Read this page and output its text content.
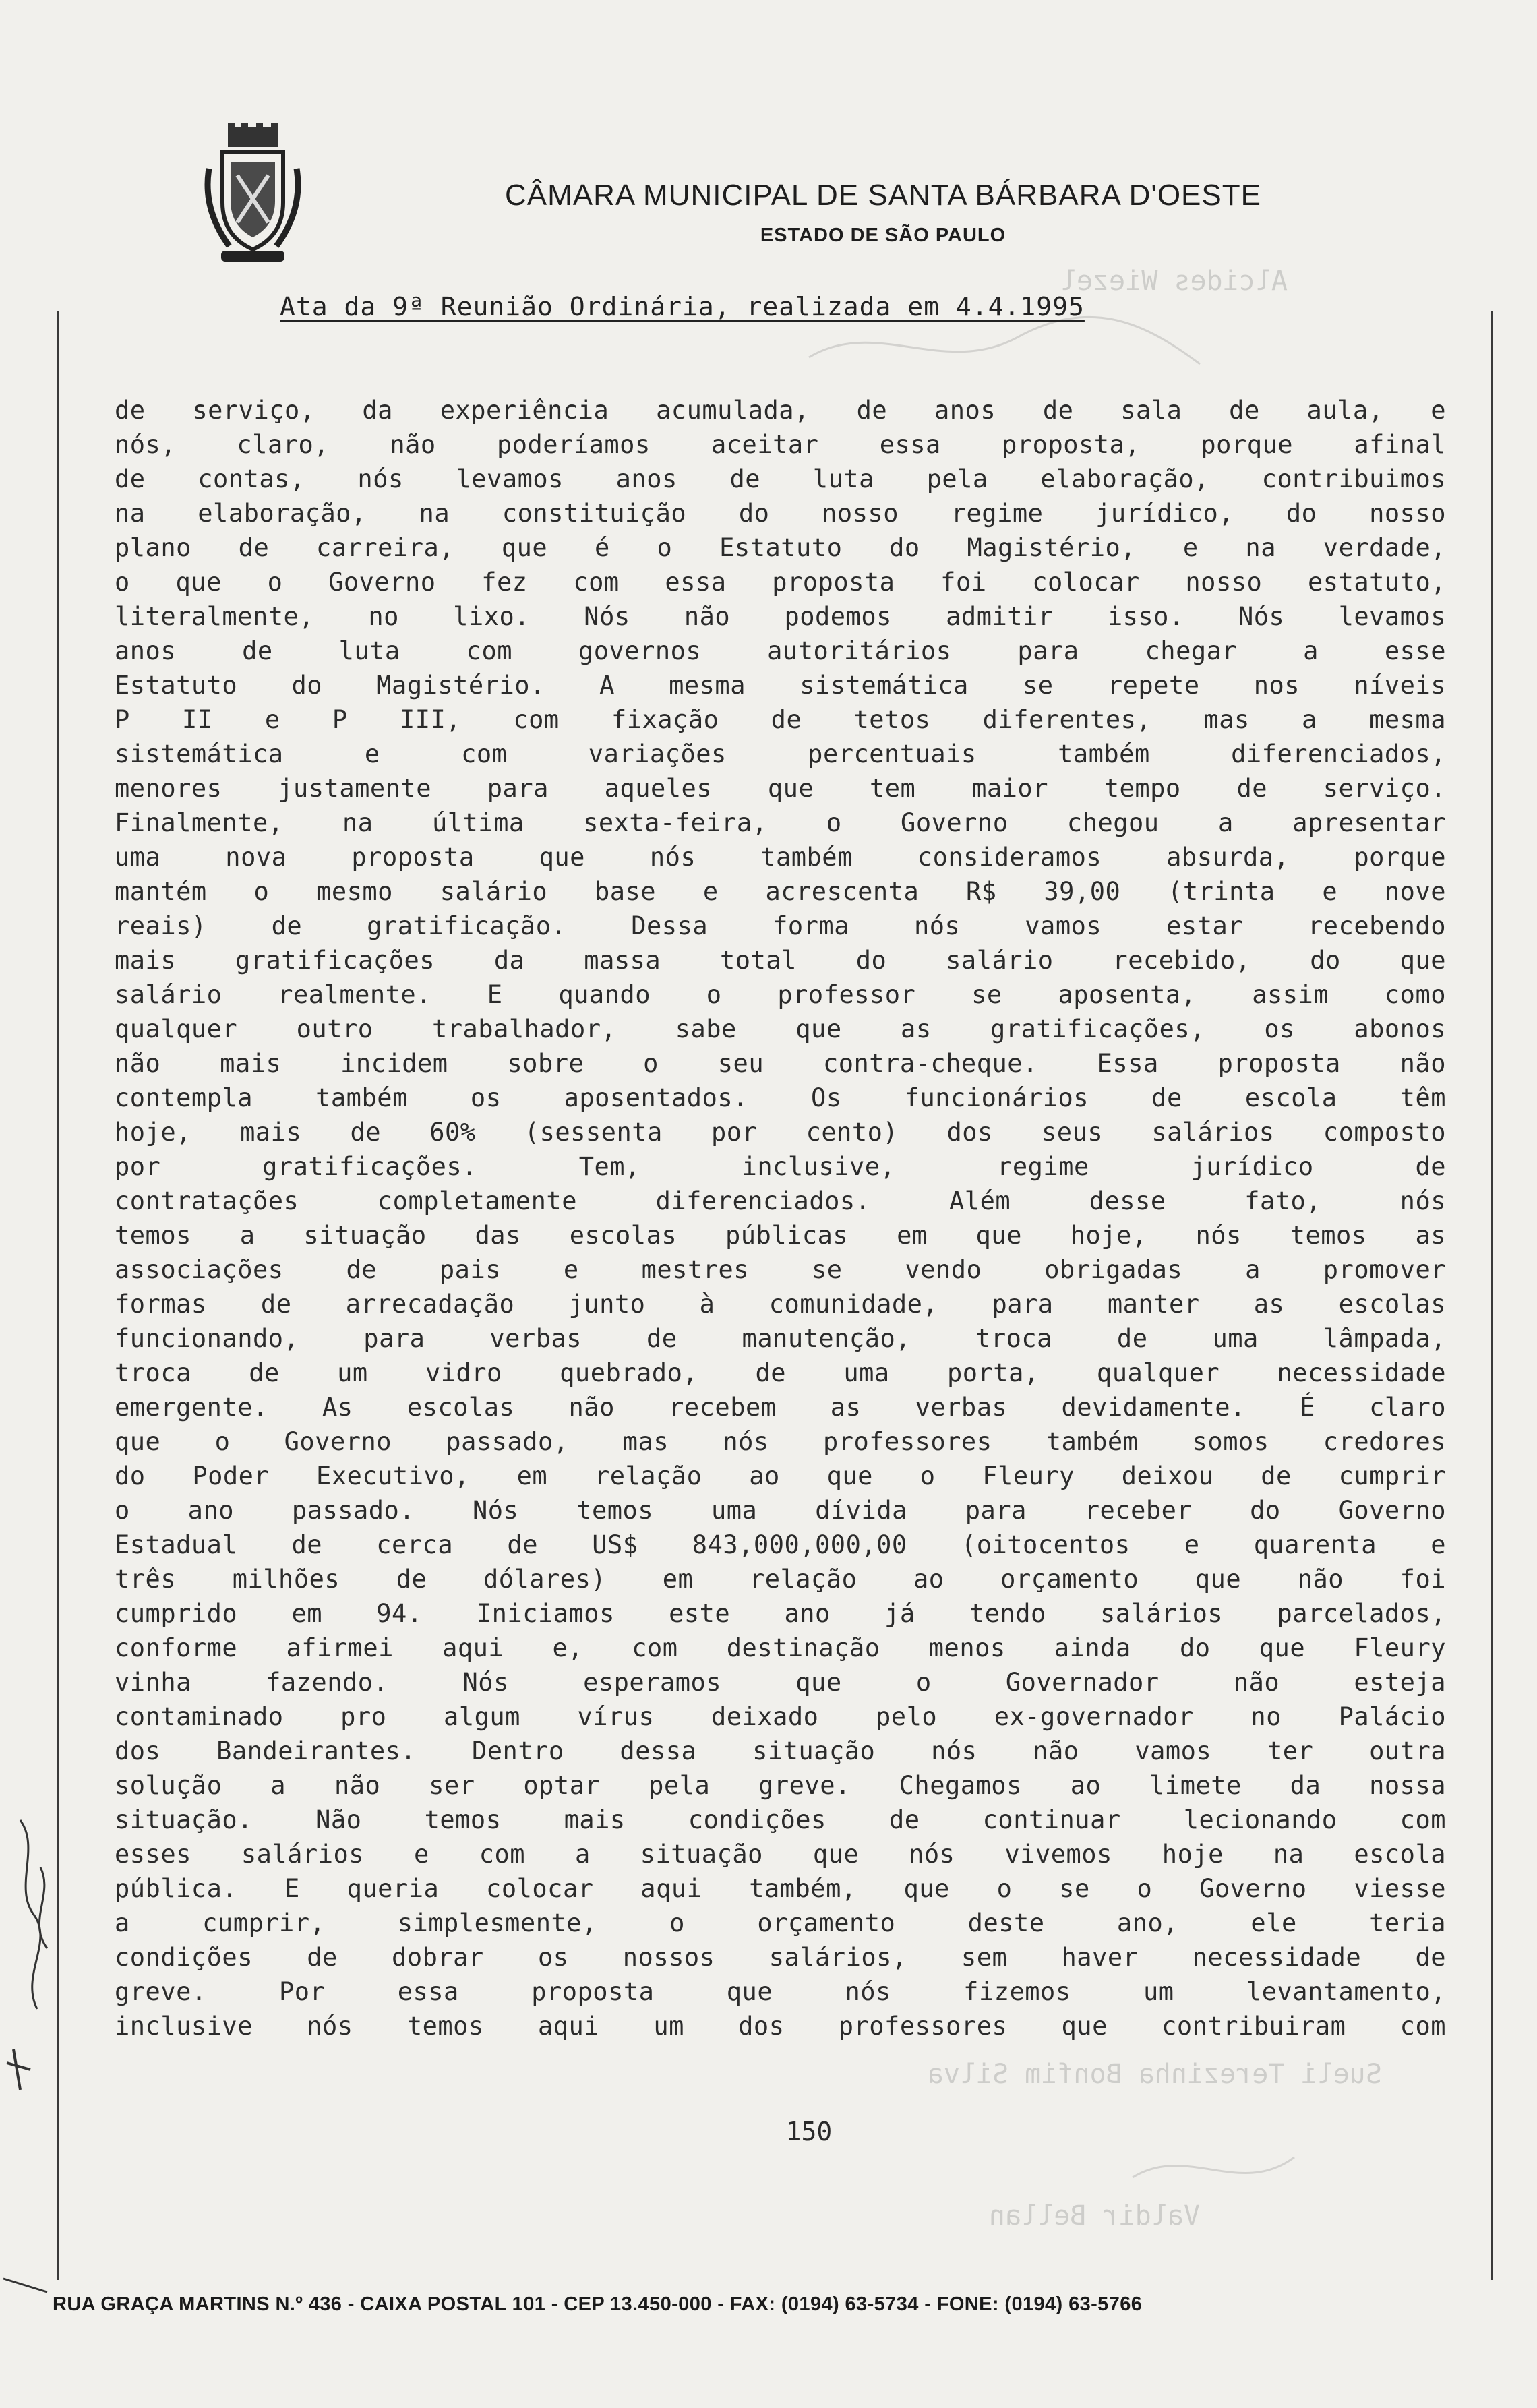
Alcides Wiezel
Sueli Terezinha Bonfim Silva
Valdir Bellan
CÂMARA MUNICIPAL DE SANTA BÁRBARA D'OESTE
ESTADO DE SÃO PAULO
Ata da 9ª Reunião Ordinária, realizada em 4.4.1995
de serviço, da experiência acumulada, de anos de sala de aula, e
nós, claro, não poderíamos aceitar essa proposta, porque afinal
de contas, nós levamos anos de luta pela elaboração, contribuimos
na elaboração, na constituição do nosso regime jurídico, do nosso
plano de carreira, que é o Estatuto do Magistério, e na verdade,
o que o Governo fez com essa proposta foi colocar nosso estatuto,
literalmente, no lixo. Nós não podemos admitir isso. Nós levamos
anos de luta com governos autoritários para chegar a esse
Estatuto do Magistério. A mesma sistemática se repete nos níveis
P II e P III, com fixação de tetos diferentes, mas a mesma
sistemática e com variações percentuais também diferenciados,
menores justamente para aqueles que tem maior tempo de serviço.
Finalmente, na última sexta-feira, o Governo chegou a apresentar
uma nova proposta que nós também consideramos absurda, porque
mantém o mesmo salário base e acrescenta R$ 39,00 (trinta e nove
reais) de gratificação. Dessa forma nós vamos estar recebendo
mais gratificações da massa total do salário recebido, do que
salário realmente. E quando o professor se aposenta, assim como
qualquer outro trabalhador, sabe que as gratificações, os abonos
não mais incidem sobre o seu contra-cheque. Essa proposta não
contempla também os aposentados. Os funcionários de escola têm
hoje, mais de 60% (sessenta por cento) dos seus salários composto
por gratificações. Tem, inclusive, regime jurídico de
contratações completamente diferenciados. Além desse fato, nós
temos a situação das escolas públicas em que hoje, nós temos as
associações de pais e mestres se vendo obrigadas a promover
formas de arrecadação junto à comunidade, para manter as escolas
funcionando, para verbas de manutenção, troca de uma lâmpada,
troca de um vidro quebrado, de uma porta, qualquer necessidade
emergente. As escolas não recebem as verbas devidamente. É claro
que o Governo passado, mas nós professores também somos credores
do Poder Executivo, em relação ao que o Fleury deixou de cumprir
o ano passado. Nós temos uma dívida para receber do Governo
Estadual de cerca de US$ 843,000,000,00 (oitocentos e quarenta e
três milhões de dólares) em relação ao orçamento que não foi
cumprido em 94. Iniciamos este ano já tendo salários parcelados,
conforme afirmei aqui e, com destinação menos ainda do que Fleury
vinha fazendo. Nós esperamos que o Governador não esteja
contaminado pro algum vírus deixado pelo ex-governador no Palácio
dos Bandeirantes. Dentro dessa situação nós não vamos ter outra
solução a não ser optar pela greve. Chegamos ao limete da nossa
situação. Não temos mais condições de continuar lecionando com
esses salários e com a situação que nós vivemos hoje na escola
pública. E queria colocar aqui também, que o se o Governo viesse
a cumprir, simplesmente, o orçamento deste ano, ele teria
condições de dobrar os nossos salários, sem haver necessidade de
greve. Por essa proposta que nós fizemos um levantamento,
inclusive nós temos aqui um dos professores que contribuiram com
150
RUA GRAÇA MARTINS N.º 436 - CAIXA POSTAL 101 - CEP 13.450-000 - FAX: (0194) 63-5734 - FONE: (0194) 63-5766
